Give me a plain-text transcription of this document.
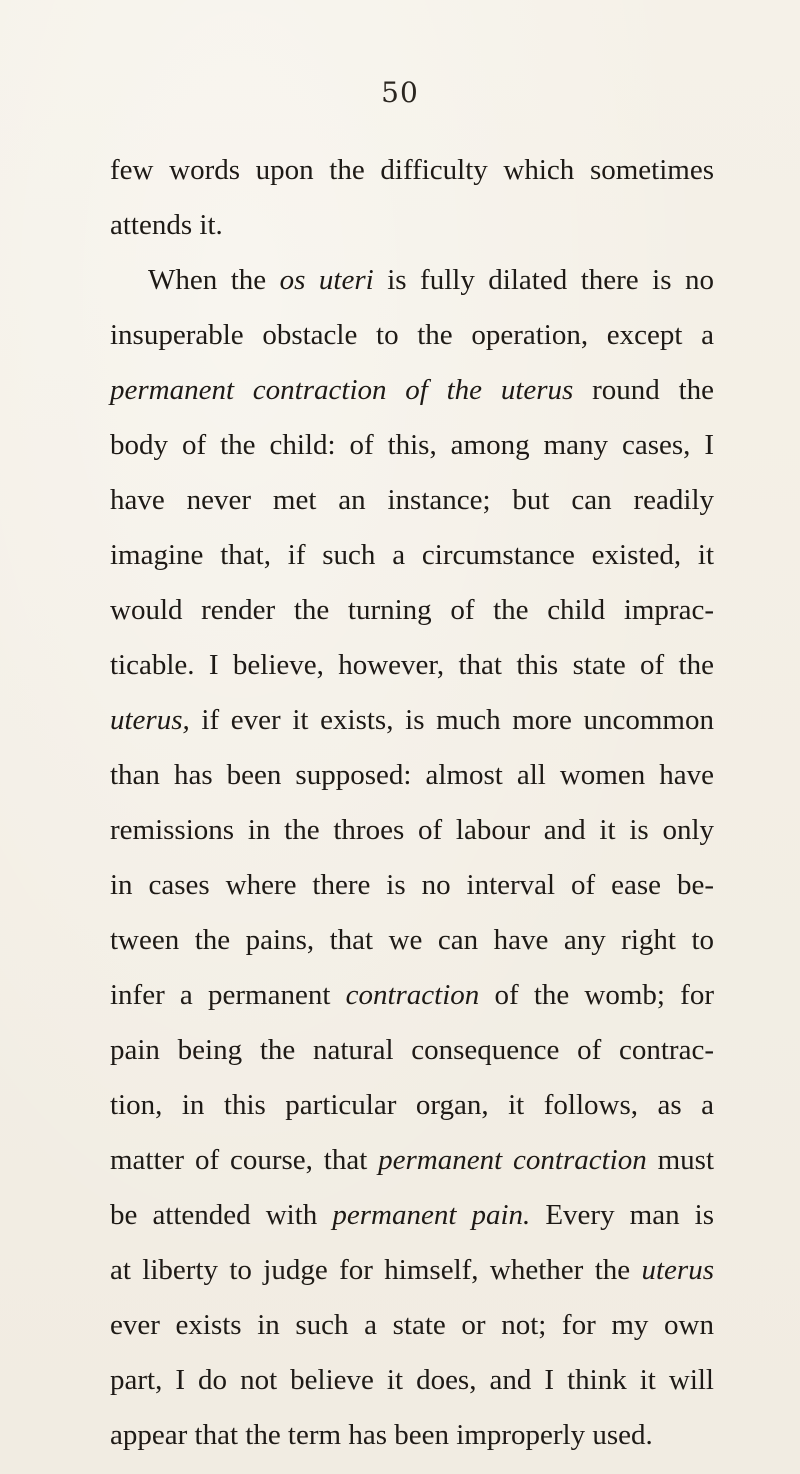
50
few words upon the difficulty which sometimes
attends it.
When the os uteri is fully dilated there is no
insuperable obstacle to the operation, except a
permanent contraction of the uterus round the
body of the child: of this, among many cases, I
have never met an instance; but can readily
imagine that, if such a circumstance existed, it
would render the turning of the child imprac-
ticable. I believe, however, that this state of the
uterus, if ever it exists, is much more uncommon
than has been supposed: almost all women have
remissions in the throes of labour and it is only
in cases where there is no interval of ease be-
tween the pains, that we can have any right to
infer a permanent contraction of the womb; for
pain being the natural consequence of contrac-
tion, in this particular organ, it follows, as a
matter of course, that permanent contraction must
be attended with permanent pain. Every man is
at liberty to judge for himself, whether the uterus
ever exists in such a state or not; for my own
part, I do not believe it does, and I think it will
appear that the term has been improperly used.
